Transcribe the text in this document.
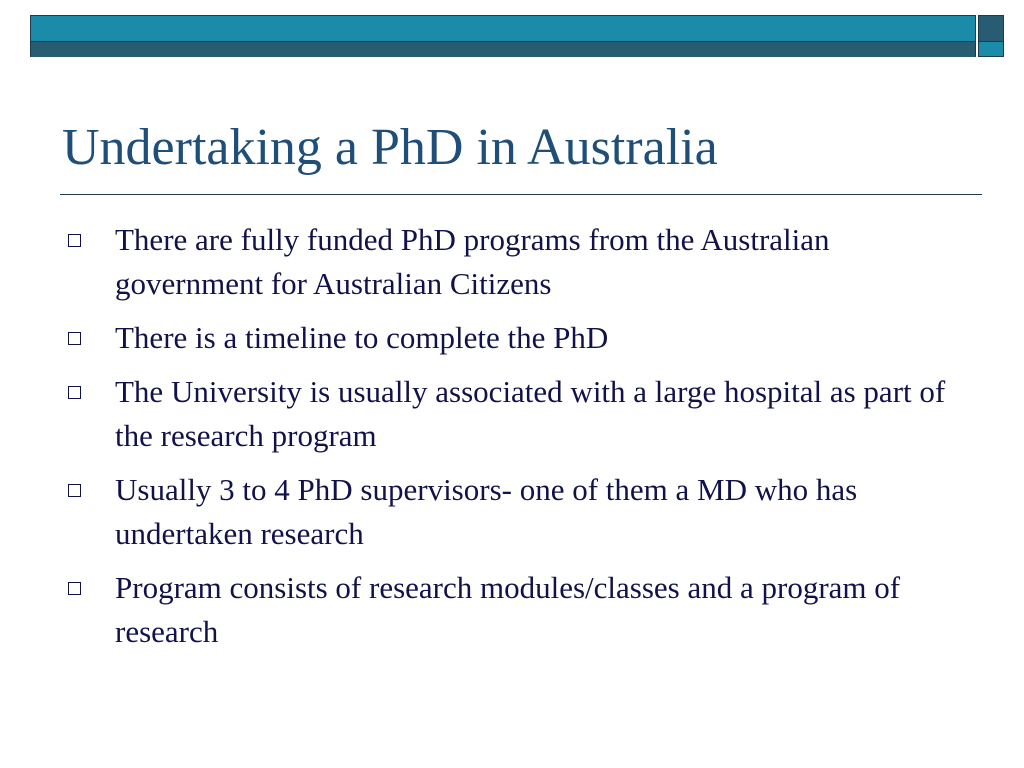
Undertaking a PhD in Australia
There are fully funded PhD programs from the Australian government for Australian Citizens
There is a timeline to complete the PhD
The University is usually associated with a large hospital as part of the research program
Usually 3 to 4 PhD supervisors- one of them a MD who has undertaken research
Program consists of research modules/classes and a program of research
